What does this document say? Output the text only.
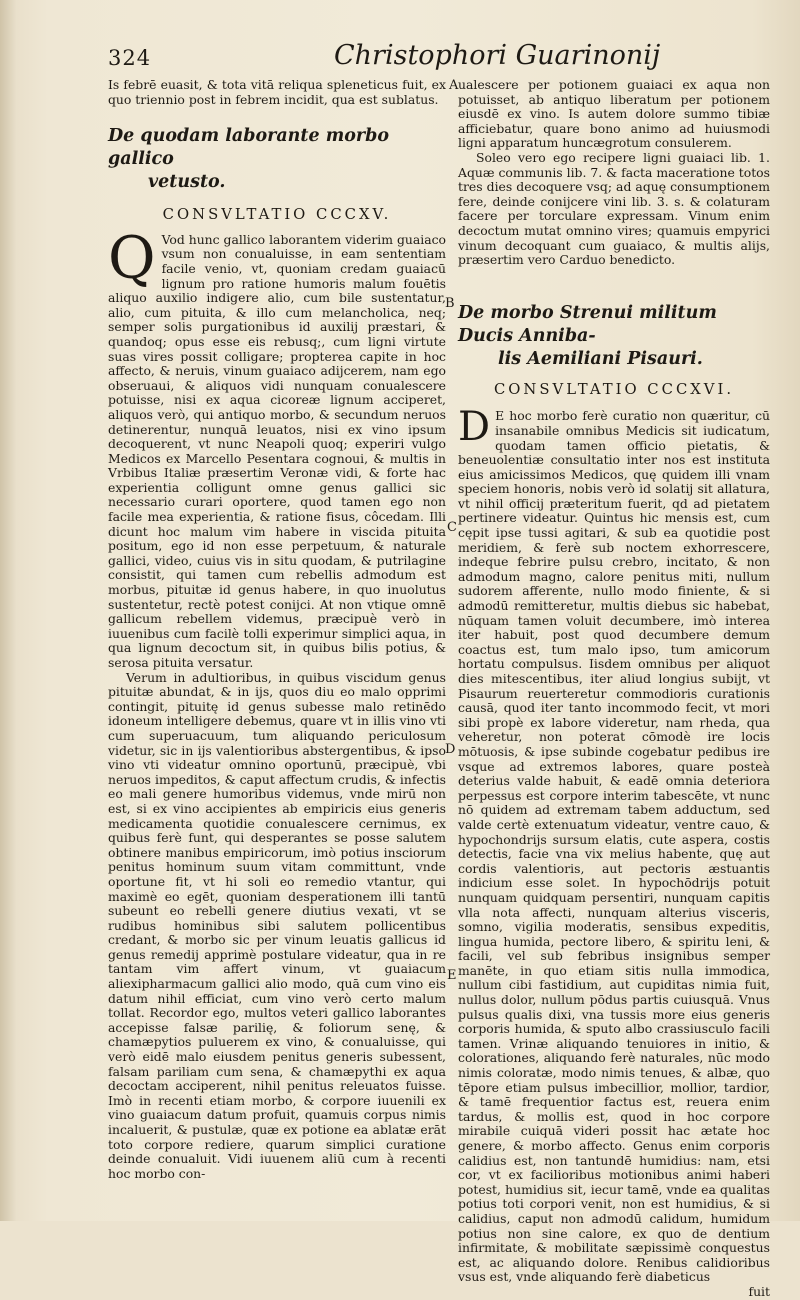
324	Christophori Guarinonij
A
B
C
D
E

Is febrē euasit, & tota vitā reliqua spleneticus fuit, ex quo triennio post in febrem incidit, qua est sublatus.

De quodam laborante morbo gallico

vetusto.
CONSVLTATIO CCCXV.

Q Vod hunc gallico laborantem viderim guaiaco vsum non conualuisse, in eam sententiam facile venio, vt, quoniam credam guaiacū lignum pro ratione humoris malum fouētis aliquo auxilio indigere alio, cum bile sustentatur, alio, cum pituita, & illo cum melancholica, neq; semper solis purgationibus id auxilij præstari, & quandoq; opus esse eis rebusq;, cum ligni virtute suas vires possit colligare; propterea capite in hoc affecto, & neruis, vinum guaiaco adijcerem, nam ego obseruaui, & aliquos vidi nunquam conualescere potuisse, nisi ex aqua cicoreæ lignum acciperet, aliquos verò, qui antiquo morbo, & secundum neruos detinerentur, nunquā leuatos, nisi ex vino ipsum decoquerent, vt nunc Neapoli quoq; experiri vulgo Medicos ex Marcello Pesentara cognoui, & multis in Vrbibus Italiæ præsertim Veronæ vidi, & forte hac experientia colligunt omne genus gallici sic necessario curari oportere, quod tamen ego non facile mea experientia, & ratione fisus, côcedam. Illi dicunt hoc malum vim habere in viscida pituita positum, ego id non esse perpetuum, & naturale gallici, video, cuius vis in situ quodam, & putrilagine consistit, qui tamen cum rebellis admodum est morbus, pituitæ id genus habere, in quo inuolutus sustentetur, rectè potest conijci. At non vtique omnē gallicum rebellem videmus, præcipuè verò in iuuenibus cum facilè tolli experimur simplici aqua, in qua lignum decoctum sit, in quibus bilis potius, & serosa pituita versatur.

Verum in adultioribus, in quibus viscidum genus pituitæ abundat, & in ijs, quos diu eo malo opprimi contingit, pituitę id genus subesse malo retinēdo idoneum intelligere debemus, quare vt in illis vino vti cum superuacuum, tum aliquando periculosum videtur, sic in ijs valentioribus abstergentibus, & ipso vino vti videatur omnino oportunū, præcipuè, vbi neruos impeditos, & caput affectum crudis, & infectis eo mali genere humoribus videmus, vnde mirū non est, si ex vino accipientes ab empiricis eius generis medicamenta quotidie conualescere cernimus, ex quibus ferè funt, qui desperantes se posse salutem obtinere manibus empiricorum, imò potius insciorum penitus hominum suum vitam committunt, vnde oportune fit, vt hi soli eo remedio vtantur, qui maximè eo egēt, quoniam desperationem illi tantū subeunt eo rebelli genere diutius vexati, vt se rudibus hominibus sibi salutem pollicentibus credant, & morbo sic per vinum leuatis gallicus id genus remedij apprimè postulare videatur, qua in re tantam vim affert vinum, vt guaiacum aliexipharmacum gallici alio modo, quā cum vino eis datum nihil efficiat, cum vino verò certo malum tollat. Recordor ego, multos veteri gallico laborantes accepisse falsæ parilię, & foliorum senę, & chamæpytios puluerem ex vino, & conualuisse, qui verò eidē malo eiusdem penitus generis subessent, falsam pariliam cum sena, & chamæpythi ex aqua decoctam acciperent, nihil penitus releuatos fuisse. Imò in recenti etiam morbo, & corpore iuuenili ex vino guaiacum datum profuit, quamuis corpus nimis incaluerit, & pustulæ, quæ ex potione ea ablatæ erāt toto corpore rediere, quarum simplici curatione deinde conualuit. Vidi iuuenem aliū cum à recenti hoc morbo con-

ualescere per potionem guaiaci ex aqua non potuisset, ab antiquo liberatum per potionem eiusdē ex vino. Is autem dolore summo tibiæ afficiebatur, quare bono animo ad huiusmodi ligni apparatum huncægrotum consulerem.

Soleo vero ego recipere ligni guaiaci lib. 1. Aquæ communis lib. 7. & facta maceratione totos tres dies decoquere vsq; ad aquę consumptionem fere, deinde conijcere vini lib. 3. s. & colaturam facere per torculare expressam. Vinum enim decoctum mutat omnino vires; quamuis empyrici vinum decoquant cum guaiaco, & multis alijs, præsertim vero Carduo benedicto.

De morbo Strenui militum Ducis Anniba-

lis Aemiliani Pisauri.
CONSVLTATIO CCCXVI.

D E hoc morbo ferè curatio non quæritur, cū insanabile omnibus Medicis sit iudicatum, quodam tamen officio pietatis, & beneuolentiæ consultatio inter nos est instituta eius amicissimos Medicos, quę quidem illi vnam speciem honoris, nobis verò id solatij sit allatura, vt nihil officij præteritum fuerit, qd ad pietatem pertinere videatur. Quintus hic mensis est, cum cępit ipse tussi agitari, & sub ea quotidie post meridiem, & ferè sub noctem exhorrescere, indeque febrire pulsu crebro, incitato, & non admodum magno, calore penitus miti, nullum sudorem afferente, nullo modo finiente, & si admodū remitteretur, multis diebus sic habebat, nūquam tamen voluit decumbere, imò interea iter habuit, post quod decumbere demum coactus est, tum malo ipso, tum amicorum hortatu compulsus. Iisdem omnibus per aliquot dies mitescentibus, iter aliud longius subijt, vt Pisaurum reuerteretur commodioris curationis causā, quod iter tanto incommodo fecit, vt mori sibi propè ex labore videretur, nam rheda, qua veheretur, non poterat cōmodè ire locis mōtuosis, & ipse subinde cogebatur pedibus ire vsque ad extremos labores, quare posteà deterius valde habuit, & eadē omnia deteriora perpessus est corpore interim tabescēte, vt nunc nō quidem ad extremam tabem adductum, sed valde certè extenuatum videatur, ventre cauo, & hypochondrijs sursum elatis, cute aspera, costis detectis, facie vna vix melius habente, quę aut cordis valentioris, aut pectoris æstuantis indicium esse solet. In hypochōdrijs potuit nunquam quidquam persentiri, nunquam capitis vlla nota affecti, nunquam alterius visceris, somno, vigilia moderatis, sensibus expeditis, lingua humida, pectore libero, & spiritu leni, & facili, vel sub febribus insignibus semper manēte, in quo etiam sitis nulla immodica, nullum cibi fastidium, aut cupiditas nimia fuit, nullus dolor, nullum pōdus partis cuiusquā. Vnus pulsus qualis dixi, vna tussis more eius generis corporis humida, & sputo albo crassiusculo facili tamen. Vrinæ aliquando tenuiores in initio, & colorationes, aliquando ferè naturales, nūc modo nimis coloratæ, modo nimis tenues, & albæ, quo tēpore etiam pulsus imbecillior, mollior, tardior, & tamē frequentior factus est, reuera enim tardus, & mollis est, quod in hoc corpore mirabile cuiquā videri possit hac ætate hoc genere, & morbo affecto. Genus enim corporis calidius est, non tantundē humidius: nam, etsi cor, vt ex facilioribus motionibus animi haberi potest, humidius sit, iecur tamē, vnde ea qualitas potius toti corpori venit, non est humidius, & si calidius, caput non admodū calidum, humidum potius non sine calore, ex quo de dentium infirmitate, & mobilitate sæpissimè conquestus est, ac aliquando dolore. Renibus calidioribus vsus est, vnde aliquando ferè diabeticus

fuit
